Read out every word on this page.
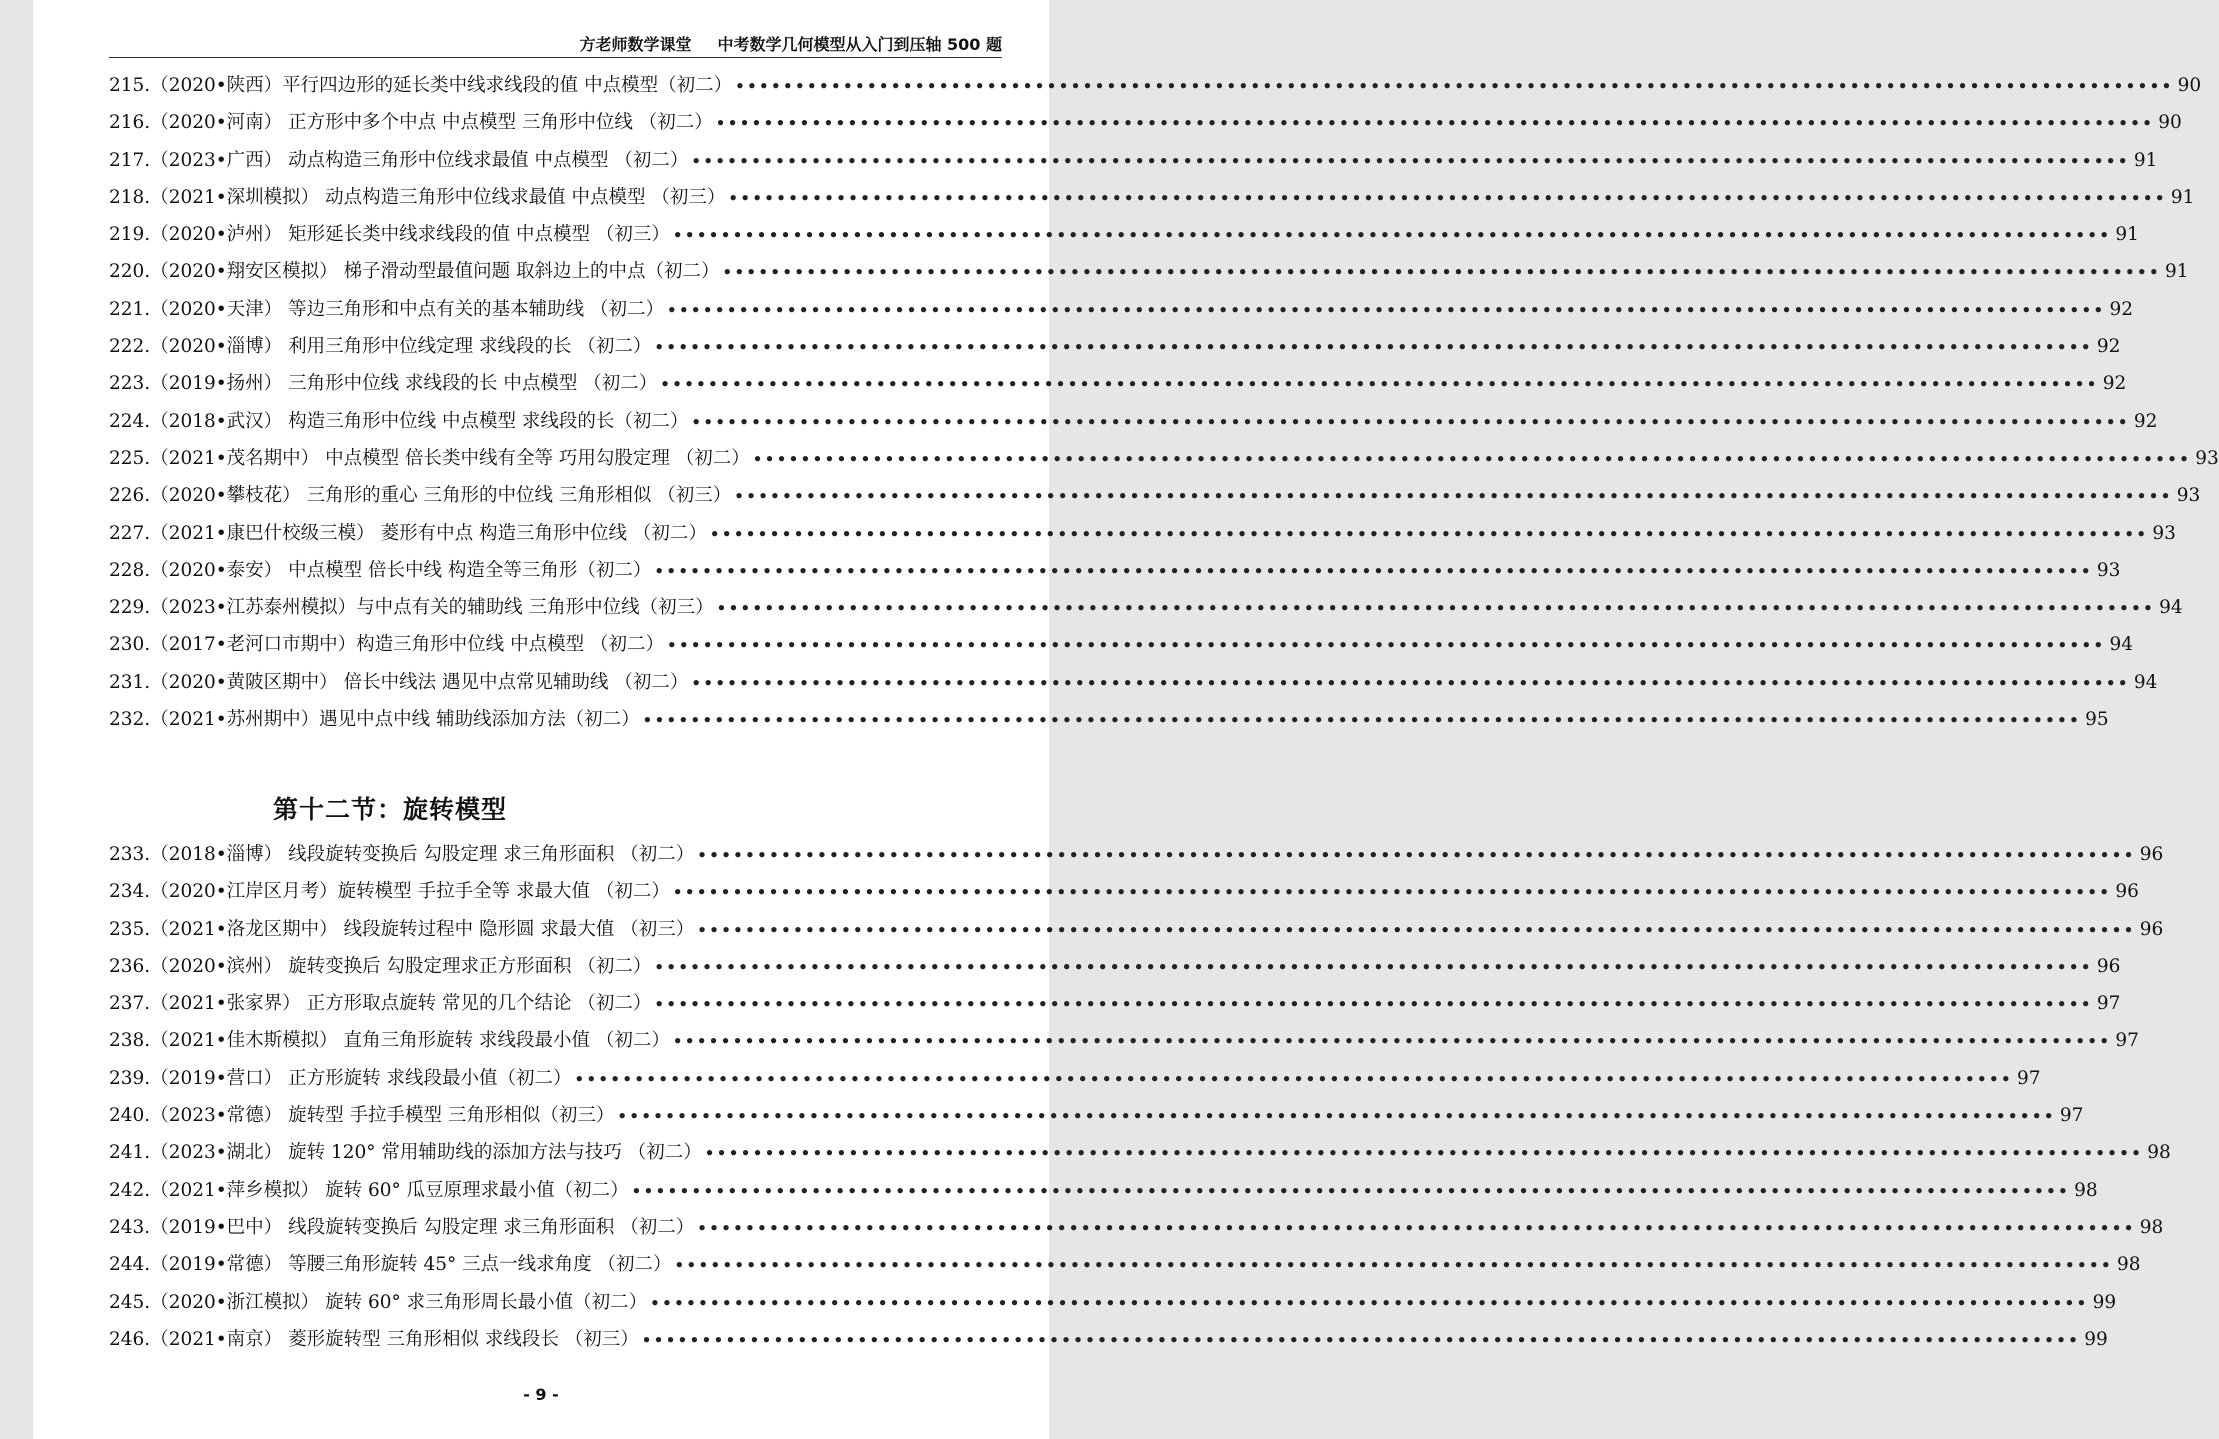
方老师数学课堂 中考数学几何模型从入门到压轴 500 题
215.（2020•陕西）平行四边形的延长类中线求线段的值 中点模型（初二） •••••••••••••••••••••••••••••••••••••••••••••••••••••••••••••••••••••••••••••••••••••••••••••••••••••••••••••••••••••••• 90
216.（2020•河南） 正方形中多个中点 中点模型 三角形中位线 （初二） •••••••••••••••••••••••••••••••••••••••••••••••••••••••••••••••••••••••••••••••••••••••••••••••••••••••••••••••••••••••• 90
217.（2023•广西） 动点构造三角形中位线求最值 中点模型 （初二） •••••••••••••••••••••••••••••••••••••••••••••••••••••••••••••••••••••••••••••••••••••••••••••••••••••••••••••••••••••••• 91
218.（2021•深圳模拟） 动点构造三角形中位线求最值 中点模型 （初三） •••••••••••••••••••••••••••••••••••••••••••••••••••••••••••••••••••••••••••••••••••••••••••••••••••••••••••••••••••••••• 91
219.（2020•泸州） 矩形延长类中线求线段的值 中点模型 （初三） •••••••••••••••••••••••••••••••••••••••••••••••••••••••••••••••••••••••••••••••••••••••••••••••••••••••••••••••••••••••• 91
220.（2020•翔安区模拟） 梯子滑动型最值问题 取斜边上的中点（初二） •••••••••••••••••••••••••••••••••••••••••••••••••••••••••••••••••••••••••••••••••••••••••••••••••••••••••••••••••••••••• 91
221.（2020•天津） 等边三角形和中点有关的基本辅助线 （初二） •••••••••••••••••••••••••••••••••••••••••••••••••••••••••••••••••••••••••••••••••••••••••••••••••••••••••••••••••••••••• 92
222.（2020•淄博） 利用三角形中位线定理 求线段的长 （初二） •••••••••••••••••••••••••••••••••••••••••••••••••••••••••••••••••••••••••••••••••••••••••••••••••••••••••••••••••••••••• 92
223.（2019•扬州） 三角形中位线 求线段的长 中点模型 （初二） •••••••••••••••••••••••••••••••••••••••••••••••••••••••••••••••••••••••••••••••••••••••••••••••••••••••••••••••••••••••• 92
224.（2018•武汉） 构造三角形中位线 中点模型 求线段的长（初二） •••••••••••••••••••••••••••••••••••••••••••••••••••••••••••••••••••••••••••••••••••••••••••••••••••••••••••••••••••••••• 92
225.（2021•茂名期中） 中点模型 倍长类中线有全等 巧用勾股定理 （初二） •••••••••••••••••••••••••••••••••••••••••••••••••••••••••••••••••••••••••••••••••••••••••••••••••••••••••••••••••••••••• 93
226.（2020•攀枝花） 三角形的重心 三角形的中位线 三角形相似 （初三） •••••••••••••••••••••••••••••••••••••••••••••••••••••••••••••••••••••••••••••••••••••••••••••••••••••••••••••••••••••••• 93
227.（2021•康巴什校级三模） 菱形有中点 构造三角形中位线 （初二） •••••••••••••••••••••••••••••••••••••••••••••••••••••••••••••••••••••••••••••••••••••••••••••••••••••••••••••••••••••••• 93
228.（2020•泰安） 中点模型 倍长中线 构造全等三角形（初二） •••••••••••••••••••••••••••••••••••••••••••••••••••••••••••••••••••••••••••••••••••••••••••••••••••••••••••••••••••••••• 93
229.（2023•江苏泰州模拟）与中点有关的辅助线 三角形中位线（初三） •••••••••••••••••••••••••••••••••••••••••••••••••••••••••••••••••••••••••••••••••••••••••••••••••••••••••••••••••••••••• 94
230.（2017•老河口市期中）构造三角形中位线 中点模型 （初二） •••••••••••••••••••••••••••••••••••••••••••••••••••••••••••••••••••••••••••••••••••••••••••••••••••••••••••••••••••••••• 94
231.（2020•黄陂区期中） 倍长中线法 遇见中点常见辅助线 （初二） •••••••••••••••••••••••••••••••••••••••••••••••••••••••••••••••••••••••••••••••••••••••••••••••••••••••••••••••••••••••• 94
232.（2021•苏州期中）遇见中点中线 辅助线添加方法（初二） •••••••••••••••••••••••••••••••••••••••••••••••••••••••••••••••••••••••••••••••••••••••••••••••••••••••••••••••••••••••• 95
第十二节：旋转模型
233.（2018•淄博） 线段旋转变换后 勾股定理 求三角形面积 （初二） •••••••••••••••••••••••••••••••••••••••••••••••••••••••••••••••••••••••••••••••••••••••••••••••••••••••••••••••••••••••• 96
234.（2020•江岸区月考）旋转模型 手拉手全等 求最大值 （初二） •••••••••••••••••••••••••••••••••••••••••••••••••••••••••••••••••••••••••••••••••••••••••••••••••••••••••••••••••••••••• 96
235.（2021•洛龙区期中） 线段旋转过程中 隐形圆 求最大值 （初三） •••••••••••••••••••••••••••••••••••••••••••••••••••••••••••••••••••••••••••••••••••••••••••••••••••••••••••••••••••••••• 96
236.（2020•滨州） 旋转变换后 勾股定理求正方形面积 （初二） •••••••••••••••••••••••••••••••••••••••••••••••••••••••••••••••••••••••••••••••••••••••••••••••••••••••••••••••••••••••• 96
237.（2021•张家界） 正方形取点旋转 常见的几个结论 （初二） •••••••••••••••••••••••••••••••••••••••••••••••••••••••••••••••••••••••••••••••••••••••••••••••••••••••••••••••••••••••• 97
238.（2021•佳木斯模拟） 直角三角形旋转 求线段最小值 （初二） •••••••••••••••••••••••••••••••••••••••••••••••••••••••••••••••••••••••••••••••••••••••••••••••••••••••••••••••••••••••• 97
239.（2019•营口） 正方形旋转 求线段最小值（初二） •••••••••••••••••••••••••••••••••••••••••••••••••••••••••••••••••••••••••••••••••••••••••••••••••••••••••••••••••••••••• 97
240.（2023•常德） 旋转型 手拉手模型 三角形相似（初三） •••••••••••••••••••••••••••••••••••••••••••••••••••••••••••••••••••••••••••••••••••••••••••••••••••••••••••••••••••••••• 97
241.（2023•湖北） 旋转 120° 常用辅助线的添加方法与技巧 （初二） •••••••••••••••••••••••••••••••••••••••••••••••••••••••••••••••••••••••••••••••••••••••••••••••••••••••••••••••••••••••• 98
242.（2021•萍乡模拟） 旋转 60° 瓜豆原理求最小值（初二） •••••••••••••••••••••••••••••••••••••••••••••••••••••••••••••••••••••••••••••••••••••••••••••••••••••••••••••••••••••••• 98
243.（2019•巴中） 线段旋转变换后 勾股定理 求三角形面积 （初二） •••••••••••••••••••••••••••••••••••••••••••••••••••••••••••••••••••••••••••••••••••••••••••••••••••••••••••••••••••••••• 98
244.（2019•常德） 等腰三角形旋转 45° 三点一线求角度 （初二） •••••••••••••••••••••••••••••••••••••••••••••••••••••••••••••••••••••••••••••••••••••••••••••••••••••••••••••••••••••••• 98
245.（2020•浙江模拟） 旋转 60° 求三角形周长最小值（初二） •••••••••••••••••••••••••••••••••••••••••••••••••••••••••••••••••••••••••••••••••••••••••••••••••••••••••••••••••••••••• 99
246.（2021•南京） 菱形旋转型 三角形相似 求线段长 （初三） •••••••••••••••••••••••••••••••••••••••••••••••••••••••••••••••••••••••••••••••••••••••••••••••••••••••••••••••••••••••• 99
- 9 -
